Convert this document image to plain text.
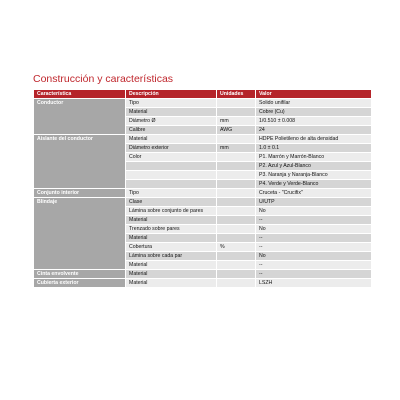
Construcción y características
Característica	Descripción	Unidades	Valor
Conductor	Tipo		Solido unifilar
	Material		Cobre (Cu)
	Diámetro Ø	mm	1/0.510 ± 0.008
	Calibre	AWG	24
Aislante del conductor	Material		HDPE Polietileno de alta densidad
	Diámetro exterior	mm	1.0 ± 0.1
	Color		P1. Marrón y Marrón-Blanco
			P2. Azul y Azul-Blanco
			P3. Naranja y Naranja-Blanco
			P4. Verde y Verde-Blanco
Conjunto interior	Tipo		Cruceta - "Crucifix"
Blindaje	Clase		U/UTP
	Lámina sobre conjunto de pares		No
	Material		--
	Trenzado sobre pares		No
	Material		--
	Cobertura	%	--
	Lámina sobre cada par		No
	Material		--
Cinta envolvente	Material		--
Cubierta exterior	Material		LSZH
